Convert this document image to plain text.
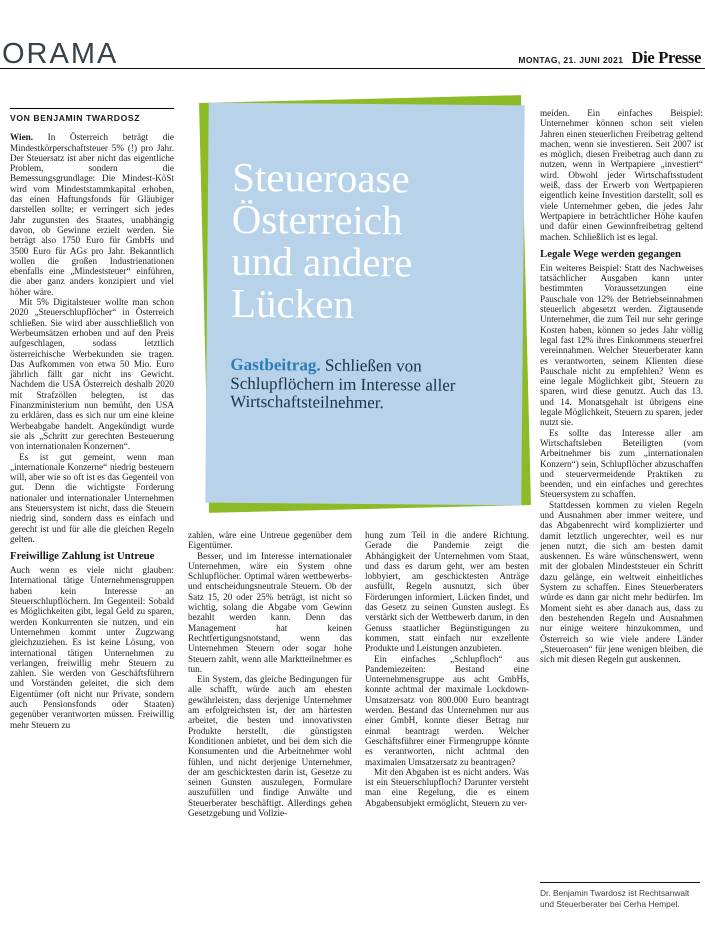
ORAMA	MONTAG, 21. JUNI 2021 Die Presse
Steueroase
Österreich
und andere
Lücken
Gastbeitrag. Schließen von Schlupflöchern im Interesse aller Wirtschaftsteilnehmer.
VON BENJAMIN TWARDOSZ

Wien. In Österreich beträgt die Mindestkörperschaftsteuer 5% (!) pro Jahr. Der Steuersatz ist aber nicht das eigentliche Problem, sondern die Bemessungsgrundlage: Die Mindest-KöSt wird vom Mindeststammkapital erhoben, das einen Haftungsfonds für Gläubiger darstellen sollte; er verringert sich jedes Jahr zugunsten des Staates, unabhängig davon, ob Gewinne erzielt werden. Sie beträgt also 1750 Euro für GmbHs und 3500 Euro für AGs pro Jahr. Bekanntlich wollen die großen Industrienationen ebenfalls eine „Mindeststeuer“ einführen, die aber ganz anders konzipiert und viel höher wäre.

Mit 5% Digitalsteuer wollte man schon 2020 „Steuerschlupflöcher“ in Österreich schließen. Sie wird aber ausschließlich von Werbeumsätzen erhoben und auf den Preis aufgeschlagen, sodass letztlich österreichische Werbekunden sie tragen. Das Aufkommen von etwa 50 Mio. Euro jährlich fällt gar nicht ins Gewicht. Nachdem die USA Österreich deshalb 2020 mit Strafzöllen belegten, ist das Finanzministerium nun bemüht, den USA zu erklären, dass es sich nur um eine kleine Werbeabgabe handelt. Angekündigt wurde sie als „Schritt zur gerechten Besteuerung von internationalen Konzernen“.

Es ist gut gemeint, wenn man „internationale Konzerne“ niedrig besteuern will, aber wie so oft ist es das Gegenteil von gut. Denn die wichtigste Forderung nationaler und internationaler Unternehmen ans Steuersystem ist nicht, dass die Steuern niedrig sind, sondern dass es einfach und gerecht ist und für alle die gleichen Regeln gelten.

Freiwillige Zahlung ist Untreue

Auch wenn es viele nicht glauben: International tätige Unternehmensgruppen haben kein Interesse an Steuerschlupflöchern. Im Gegenteil: Sobald es Möglichkeiten gibt, legal Geld zu sparen, werden Konkurrenten sie nutzen, und ein Unternehmen kommt unter Zugzwang gleichzuziehen. Es ist keine Lösung, von international tätigen Unternehmen zu verlangen, freiwillig mehr Steuern zu zahlen. Sie werden von Geschäftsführern und Vorständen geleitet, die sich dem Eigentümer (oft nicht nur Private, sondern auch Pensionsfonds oder Staaten) gegenüber verantworten müssen. Freiwillig mehr Steuern zu

zahlen, wäre eine Untreue gegenüber dem Eigentümer.

Besser, und im Interesse internationaler Unternehmen, wäre ein System ohne Schlupflöcher. Optimal wären wettbewerbs- und entscheidungsneutrale Steuern. Ob der Satz 15, 20 oder 25% beträgt, ist nicht so wichtig, solang die Abgabe vom Gewinn bezahlt werden kann. Denn das Management hat keinen Rechtfertigungsnotstand, wenn das Unternehmen Steuern oder sogar hohe Steuern zahlt, wenn alle Marktteilnehmer es tun.

Ein System, das gleiche Bedingungen für alle schafft, würde auch am ehesten gewährleisten, dass derjenige Unternehmer am erfolgreichsten ist, der am härtesten arbeitet, die besten und innovativsten Produkte herstellt, die günstigsten Konditionen anbietet, und bei dem sich die Konsumenten und die Arbeitnehmer wohl fühlen, und nicht derjenige Unternehmer, der am geschicktesten darin ist, Gesetze zu seinen Gunsten auszulegen, Formulare auszufüllen und findige Anwälte und Steuerberater beschäftigt. Allerdings gehen Gesetzgebung und Vollzie-

hung zum Teil in die andere Richtung. Gerade die Pandemie zeigt die Abhängigkeit der Unternehmen vom Staat, und dass es darum geht, wer am besten lobbyiert, am geschicktesten Anträge ausfüllt, Regeln ausnutzt, sich über Förderungen informiert, Lücken findet, und das Gesetz zu seinen Gunsten auslegt. Es verstärkt sich der Wettbewerb darum, in den Genuss staatlicher Begünstigungen zu kommen, statt einfach nur exzellente Produkte und Leistungen anzubieten.

Ein einfaches „Schlupfloch“ aus Pandemiezeiten: Bestand eine Unternehmensgruppe aus acht GmbHs, konnte achtmal der maximale Lockdown-Umsatzersatz von 800.000 Euro beantragt werden. Bestand das Unternehmen nur aus einer GmbH, konnte dieser Betrag nur einmal beantragt werden. Welcher Geschäftsführer einer Firmengruppe könnte es verantworten, nicht achtmal den maximalen Umsatzersatz zu beantragen?

Mit den Abgaben ist es nicht anders. Was ist ein Steuerschlupfloch? Darunter versteht man eine Regelung, die es einem Abgabensubjekt ermöglicht, Steuern zu ver-

meiden. Ein einfaches Beispiel: Unternehmer können schon seit vielen Jahren einen steuerlichen Freibetrag geltend machen, wenn sie investieren. Seit 2007 ist es möglich, diesen Freibetrag auch dann zu nutzen, wenn in Wertpapiere „investiert“ wird. Obwohl jeder Wirtschaftsstudent weiß, dass der Erwerb von Wertpapieren eigentlich keine Investition darstellt, soll es viele Unternehmer geben, die jedes Jahr Wertpapiere in beträchtlicher Höhe kaufen und dafür einen Gewinnfreibetrag geltend machen. Schließlich ist es legal.

Legale Wege werden gegangen

Ein weiteres Beispiel: Statt des Nachweises tatsächlicher Ausgaben kann unter bestimmten Voraussetzungen eine Pauschale von 12% der Betriebseinnahmen steuerlich abgesetzt werden. Zigtausende Unternehmer, die zum Teil nur sehr geringe Kosten haben, können so jedes Jahr völlig legal fast 12% ihres Einkommens steuerfrei vereinnahmen. Welcher Steuerberater kann es verantworten, seinem Klienten diese Pauschale nicht zu empfehlen? Wenn es eine legale Möglichkeit gibt, Steuern zu sparen, wird diese genutzt. Auch das 13. und 14. Monatsgehalt ist übrigens eine legale Möglichkeit, Steuern zu sparen, jeder nutzt sie.

Es sollte das Interesse aller am Wirtschaftsleben Beteiligten (vom Arbeitnehmer bis zum „internationalen Konzern“) sein, Schlupflöcher abzuschaffen und steuervermeidende Praktiken zu beenden, und ein einfaches und gerechtes Steuersystem zu schaffen.

Stattdessen kommen zu vielen Regeln und Ausnahmen aber immer weitere, und das Abgabenrecht wird komplizierter und damit letztlich ungerechter, weil es nur jenen nutzt, die sich am besten damit auskennen. Es wäre wünschenswert, wenn mit der globalen Mindeststeuer ein Schritt dazu gelänge, ein weltweit einheitliches System zu schaffen. Eines Steuerberaters würde es dann gar nicht mehr bedürfen. Im Moment sieht es aber danach aus, dass zu den bestehenden Regeln und Ausnahmen nur einige weitere hinzukommen, und Österreich so wie viele andere Länder „Steueroasen“ für jene wenigen bleiben, die sich mit diesen Regeln gut auskennen.

Dr. Benjamin Twardosz ist Rechtsanwalt und Steuerberater bei Cerha Hempel.
